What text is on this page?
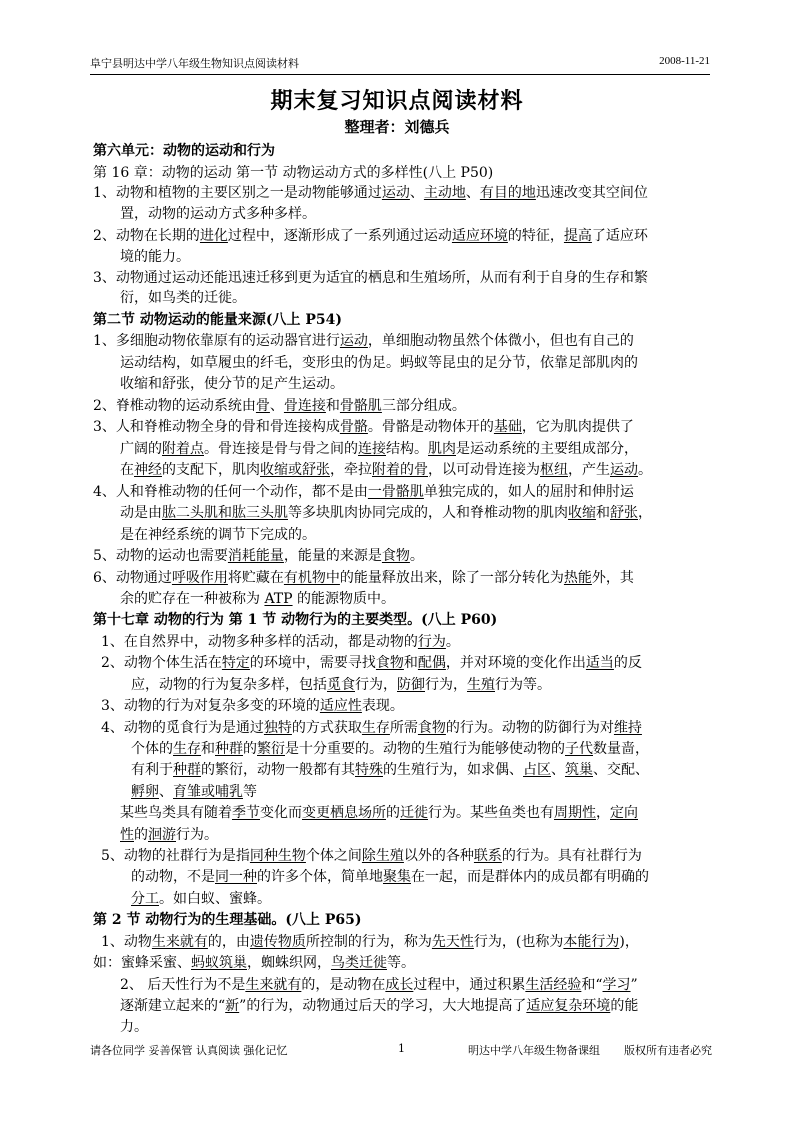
阜宁县明达中学八年级生物知识点阅读材料	2008-11-21
期末复习知识点阅读材料
整理者：刘德兵
第六单元：动物的运动和行为
第 16 章：动物的运动 第一节 动物运动方式的多样性(八上 P50)
1、动物和植物的主要区别之一是动物能够通过运动、主动地、有目的地迅速改变其空间位
置，动物的运动方式多种多样。
2、动物在长期的进化过程中，逐渐形成了一系列通过运动适应环境的特征，提高了适应环
境的能力。
3、动物通过运动还能迅速迁移到更为适宜的栖息和生殖场所，从而有利于自身的生存和繁
衍，如鸟类的迁徙。
第二节 动物运动的能量来源(八上 P54)
1、多细胞动物依靠原有的运动器官进行运动，单细胞动物虽然个体微小，但也有自己的
运动结构，如草履虫的纤毛，变形虫的伪足。蚂蚁等昆虫的足分节，依靠足部肌肉的
收缩和舒张，使分节的足产生运动。
2、脊椎动物的运动系统由骨、骨连接和骨骼肌三部分组成。
3、人和脊椎动物全身的骨和骨连接构成骨骼。骨骼是动物体开的基础，它为肌肉提供了
广阔的附着点。骨连接是骨与骨之间的连接结构。肌肉是运动系统的主要组成部分，
在神经的支配下，肌肉收缩或舒张，牵拉附着的骨，以可动骨连接为枢纽，产生运动。
4、人和脊椎动物的任何一个动作，都不是由一骨骼肌单独完成的，如人的屈肘和伸肘运
动是由肱二头肌和肱三头肌等多块肌肉协同完成的，人和脊椎动物的肌肉收缩和舒张，
是在神经系统的调节下完成的。
5、动物的运动也需要消耗能量，能量的来源是食物。
6、动物通过呼吸作用将贮藏在有机物中的能量释放出来，除了一部分转化为热能外，其
余的贮存在一种被称为 ATP 的能源物质中。
第十七章 动物的行为 第 1 节 动物行为的主要类型。(八上 P60)
1、在自然界中，动物多种多样的活动，都是动物的行为。
2、动物个体生活在特定的环境中，需要寻找食物和配偶，并对环境的变化作出适当的反
应，动物的行为复杂多样，包括觅食行为，防御行为，生殖行为等。
3、动物的行为对复杂多变的环境的适应性表现。
4、动物的觅食行为是通过独特的方式获取生存所需食物的行为。动物的防御行为对维持
个体的生存和种群的繁衍是十分重要的。动物的生殖行为能够使动物的子代数量啬，
有利于种群的繁衍，动物一般都有其特殊的生殖行为，如求偶、占区、筑巢、交配、
孵卵、育雏或哺乳等
某些鸟类具有随着季节变化而变更栖息场所的迁徙行为。某些鱼类也有周期性，定向
性的洄游行为。
5、动物的社群行为是指同种生物个体之间除生殖以外的各种联系的行为。具有社群行为
的动物，不是同一种的许多个体，简单地聚集在一起，而是群体内的成员都有明确的
分工。如白蚁、蜜蜂。
第 2 节 动物行为的生理基础。(八上 P65)
1、动物生来就有的，由遗传物质所控制的行为，称为先天性行为，(也称为本能行为)，
如：蜜蜂采蜜、蚂蚁筑巢，蜘蛛织网，鸟类迁徙等。
2、 后天性行为不是生来就有的，是动物在成长过程中，通过积累生活经验和“学习”
逐渐建立起来的“新”的行为，动物通过后天的学习，大大地提高了适应复杂环境的能
力。
请各位同学 妥善保管 认真阅读 强化记忆	1	明达中学八年级生物备课组 版权所有违者必究
